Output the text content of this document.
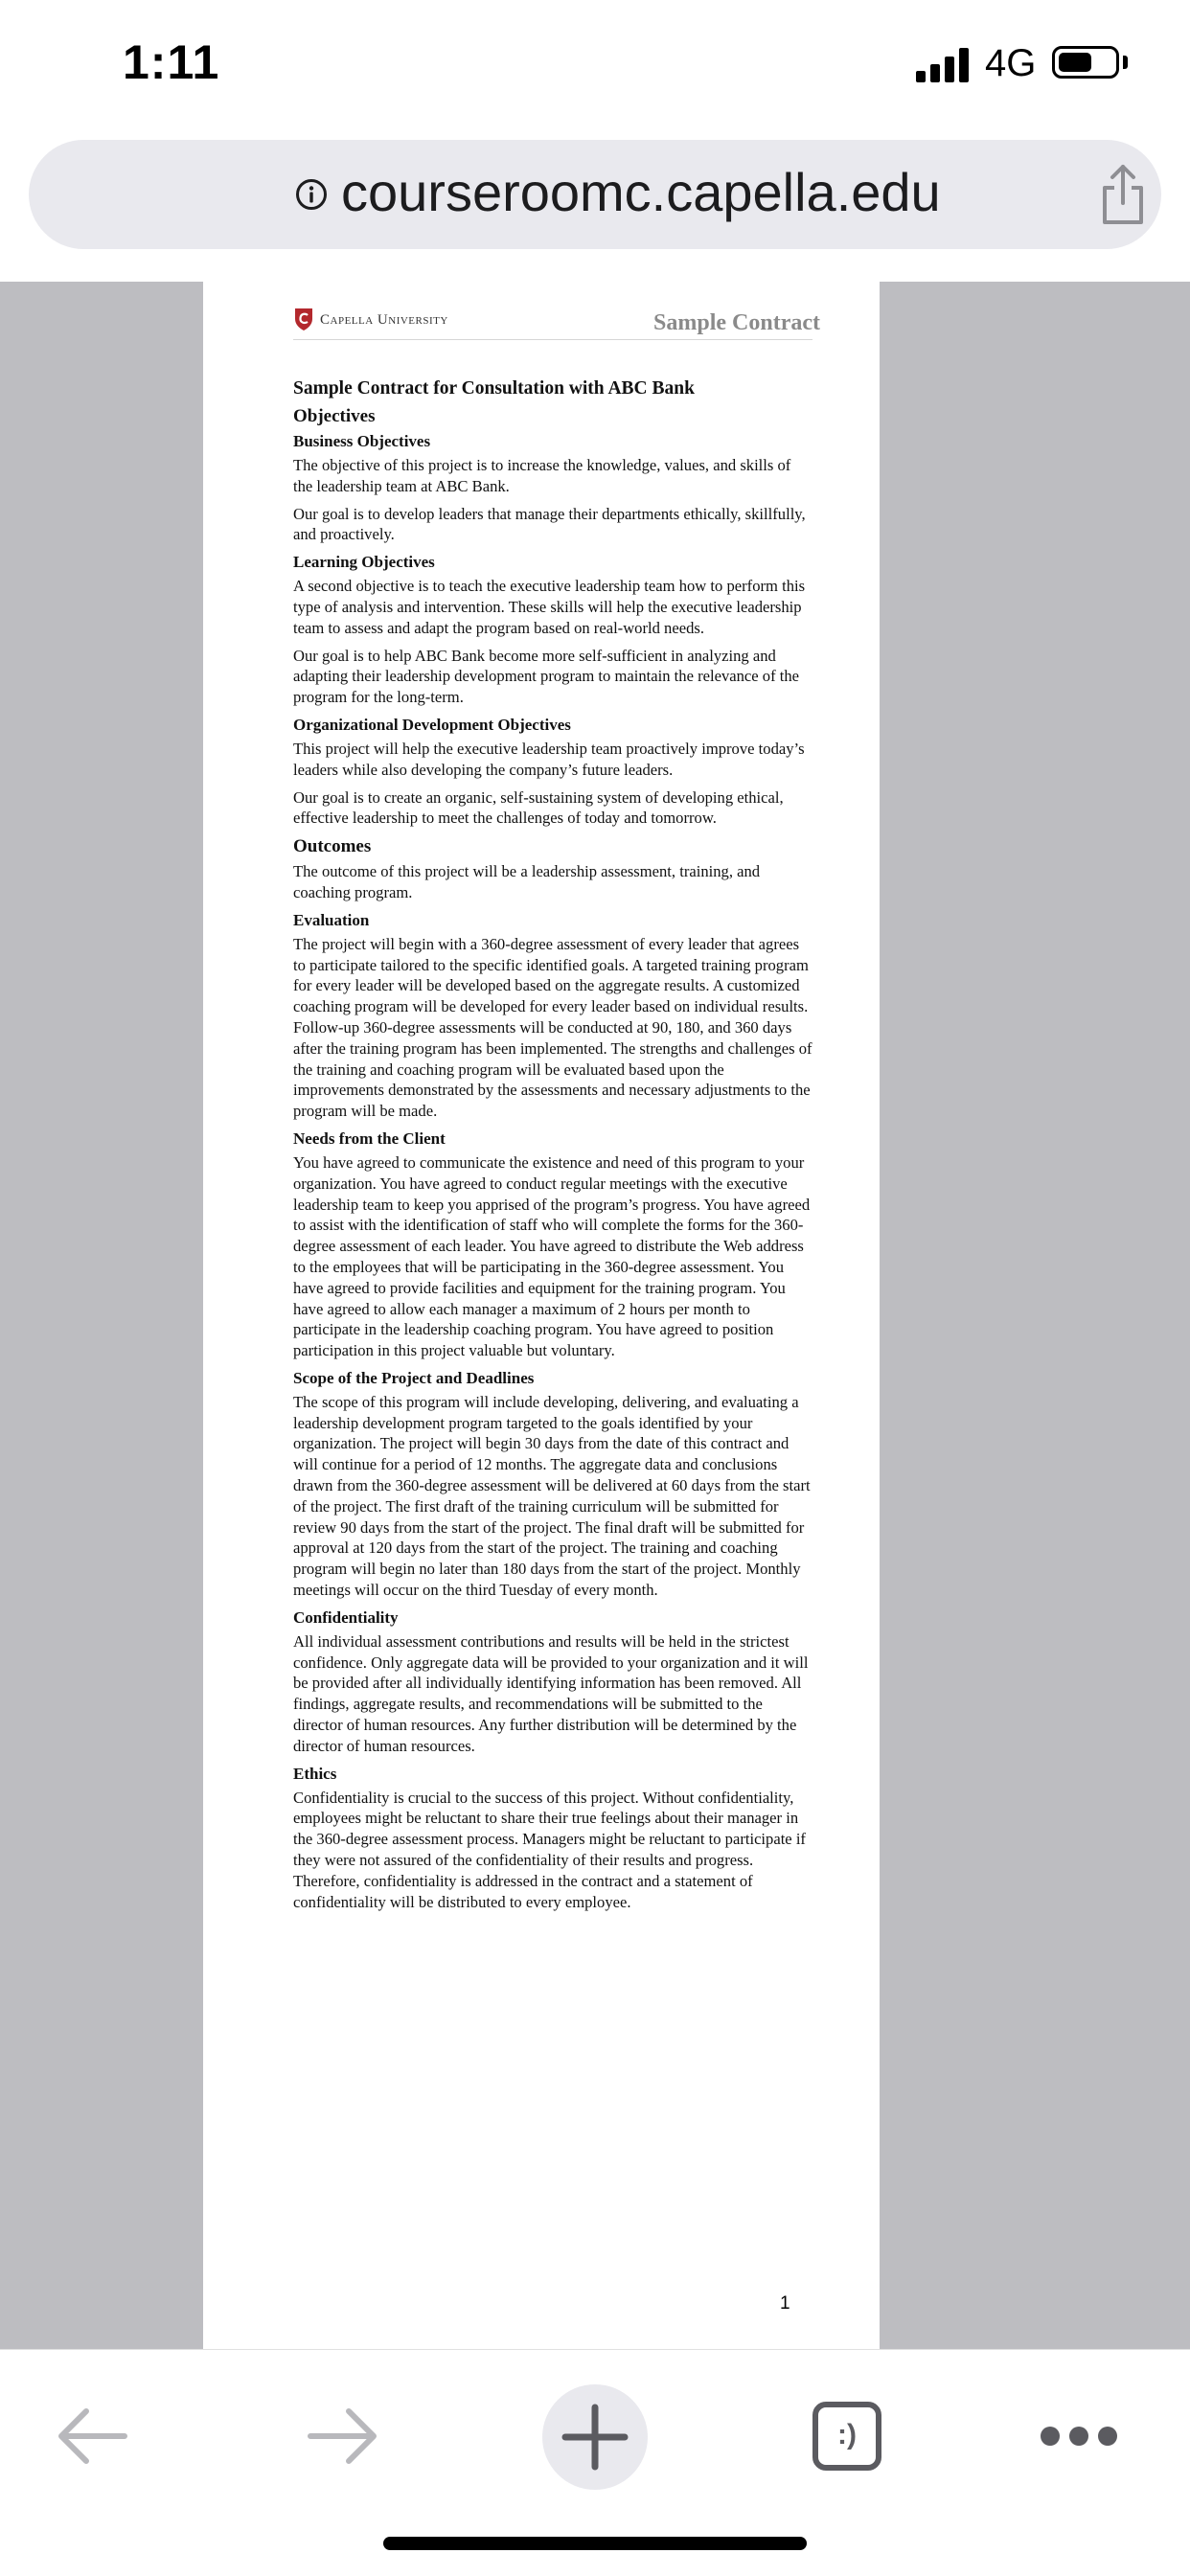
1:11	4G
courseroomc.capella.edu
Capella University	Sample Contract
Sample Contract for Consultation with ABC Bank
Objectives
Business Objectives

The objective of this project is to increase the knowledge, values, and skills of the leadership team at ABC Bank.

Our goal is to develop leaders that manage their departments ethically, skillfully, and proactively.

Learning Objectives

A second objective is to teach the executive leadership team how to perform this type of analysis and intervention. These skills will help the executive leadership team to assess and adapt the program based on real-world needs.

Our goal is to help ABC Bank become more self-sufficient in analyzing and adapting their leadership development program to maintain the relevance of the program for the long-term.

Organizational Development Objectives

This project will help the executive leadership team proactively improve today’s leaders while also developing the company’s future leaders.

Our goal is to create an organic, self-sustaining system of developing ethical, effective leadership to meet the challenges of today and tomorrow.

Outcomes

The outcome of this project will be a leadership assessment, training, and coaching program.

Evaluation

The project will begin with a 360-degree assessment of every leader that agrees to participate tailored to the specific identified goals. A targeted training program for every leader will be developed based on the aggregate results. A customized coaching program will be developed for every leader based on individual results. Follow-up 360-degree assessments will be conducted at 90, 180, and 360 days after the training program has been implemented. The strengths and challenges of the training and coaching program will be evaluated based upon the improvements demonstrated by the assessments and necessary adjustments to the program will be made.

Needs from the Client

You have agreed to communicate the existence and need of this program to your organization. You have agreed to conduct regular meetings with the executive leadership team to keep you apprised of the program’s progress. You have agreed to assist with the identification of staff who will complete the forms for the 360-degree assessment of each leader. You have agreed to distribute the Web address to the employees that will be participating in the 360-degree assessment. You have agreed to provide facilities and equipment for the training program. You have agreed to allow each manager a maximum of 2 hours per month to participate in the leadership coaching program. You have agreed to position participation in this project valuable but voluntary.

Scope of the Project and Deadlines

The scope of this program will include developing, delivering, and evaluating a leadership development program targeted to the goals identified by your organization. The project will begin 30 days from the date of this contract and will continue for a period of 12 months. The aggregate data and conclusions drawn from the 360-degree assessment will be delivered at 60 days from the start of the project. The first draft of the training curriculum will be submitted for review 90 days from the start of the project. The final draft will be submitted for approval at 120 days from the start of the project. The training and coaching program will begin no later than 180 days from the start of the project. Monthly meetings will occur on the third Tuesday of every month.

Confidentiality

All individual assessment contributions and results will be held in the strictest confidence. Only aggregate data will be provided to your organization and it will be provided after all individually identifying information has been removed. All findings, aggregate results, and recommendations will be submitted to the director of human resources. Any further distribution will be determined by the director of human resources.

Ethics

Confidentiality is crucial to the success of this project. Without confidentiality, employees might be reluctant to share their true feelings about their manager in the 360-degree assessment process. Managers might be reluctant to participate if they were not assured of the confidentiality of their results and progress. Therefore, confidentiality is addressed in the contract and a statement of confidentiality will be distributed to every employee.

1
:)
